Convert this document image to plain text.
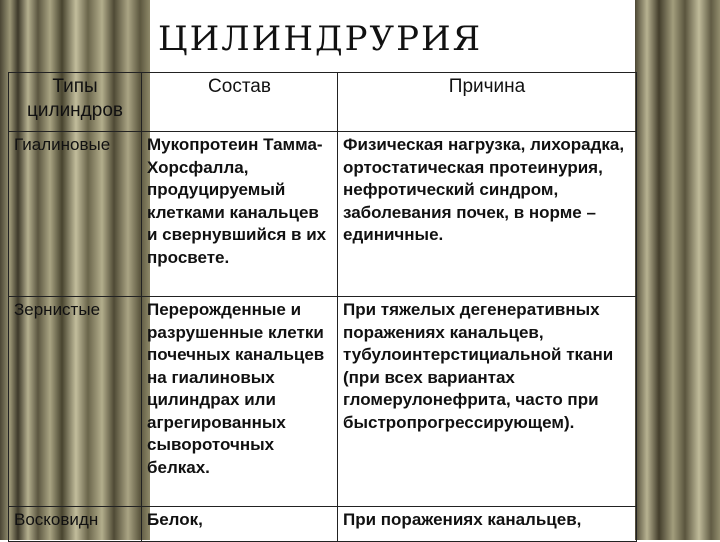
ЦИЛИНДРУРИЯ
Типы цилиндров	Состав	Причина
Гиалиновые	Мукопротеин Тамма-Хорсфалла, продуцируемый клетками канальцев и свернувшийся в их просвете.	Физическая нагрузка, лихорадка, ортостатическая протеинурия, нефротический синдром, заболевания почек, в норме – единичные.
Зернистые	Перерожденные и разрушенные клетки почечных канальцев на гиалиновых цилиндрах или агрегированных сывороточных белках.	При тяжелых дегенеративных поражениях канальцев, тубулоинтерстициальной ткани (при всех вариантах гломерулонефрита, часто при быстропрогрессирующем).
Восковидн	Белок,	При поражениях канальцев,
